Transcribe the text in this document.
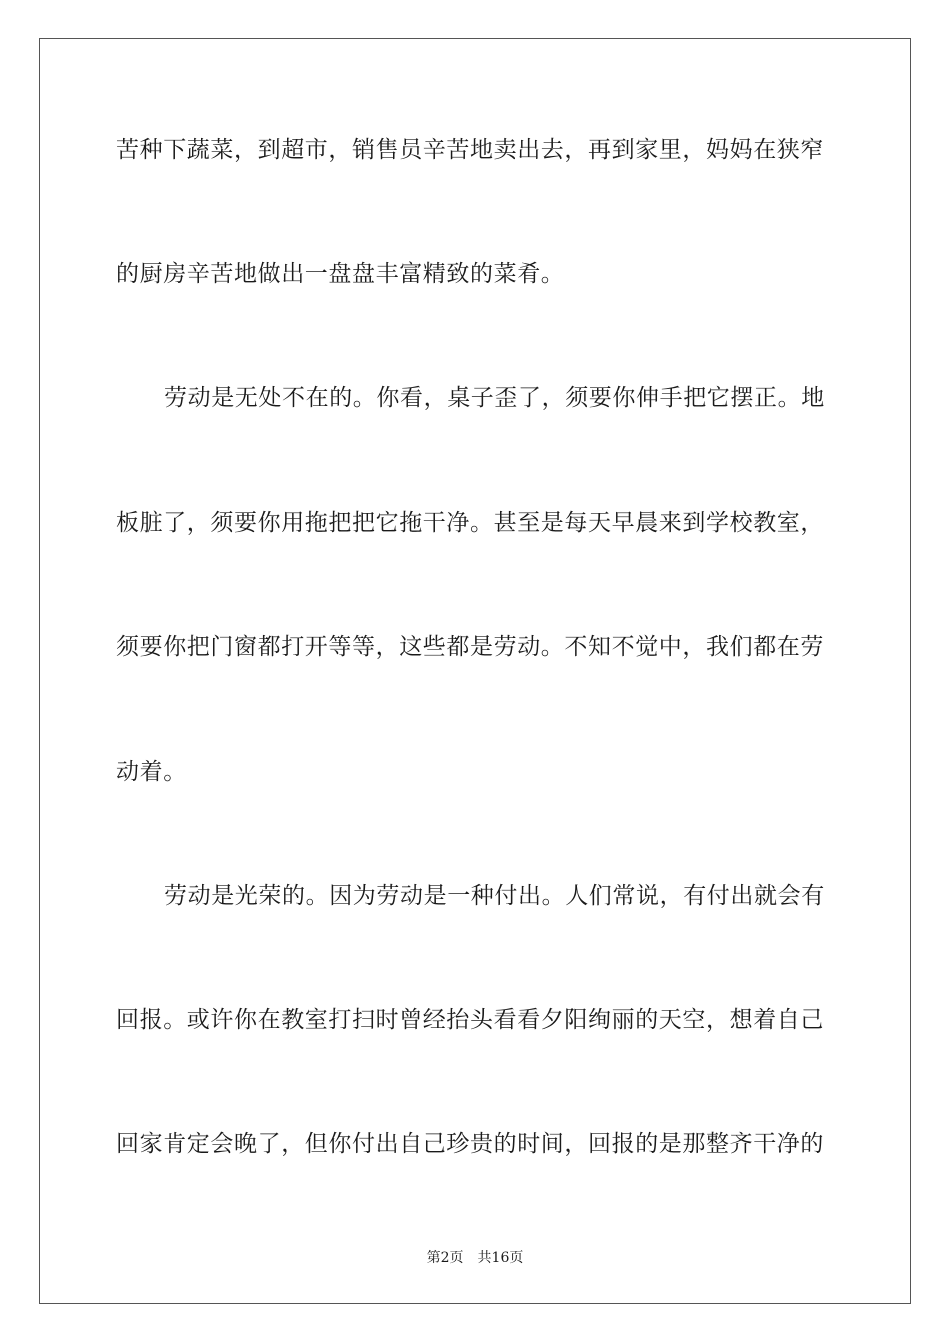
苦种下蔬菜，到超市，销售员辛苦地卖出去，再到家里，妈妈在狭窄
的厨房辛苦地做出一盘盘丰富精致的菜肴。
劳动是无处不在的。你看，桌子歪了，须要你伸手把它摆正。地
板脏了，须要你用拖把把它拖干净。甚至是每天早晨来到学校教室，
须要你把门窗都打开等等，这些都是劳动。不知不觉中，我们都在劳
动着。
劳动是光荣的。因为劳动是一种付出。人们常说，有付出就会有
回报。或许你在教室打扫时曾经抬头看看夕阳绚丽的天空，想着自己
回家肯定会晚了，但你付出自己珍贵的时间，回报的是那整齐干净的
第2页 共16页
